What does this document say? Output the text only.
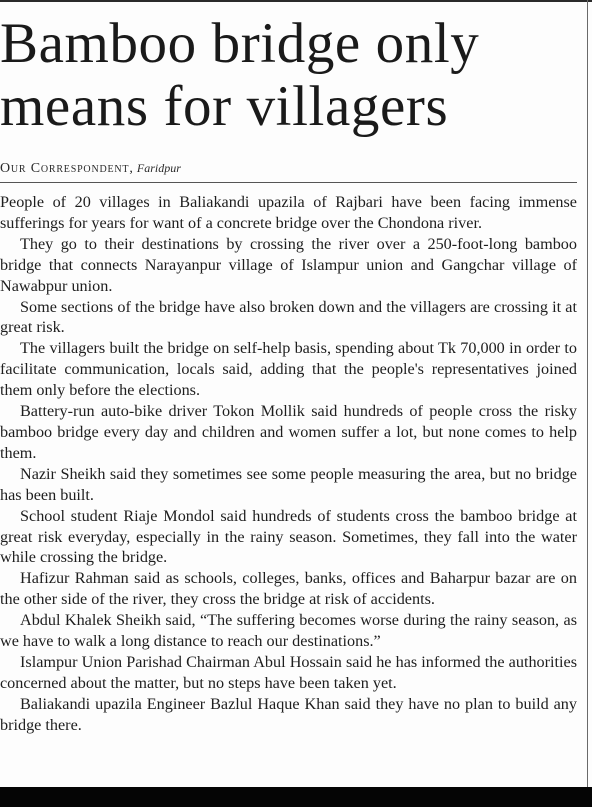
Bamboo bridge only means for villagers
Our Correspondent, Faridpur

People of 20 villages in Baliakandi upazila of Rajbari have been facing immense sufferings for years for want of a concrete bridge over the Chondona river.

They go to their destinations by crossing the river over a 250-foot-long bamboo bridge that connects Narayanpur village of Islampur union and Gangchar village of Nawabpur union.

Some sections of the bridge have also broken down and the villagers are crossing it at great risk.

The villagers built the bridge on self-help basis, spending about Tk 70,000 in order to facilitate communication, locals said, adding that the people's representatives joined them only before the elections.

Battery-run auto-bike driver Tokon Mollik said hundreds of people cross the risky bamboo bridge every day and children and women suffer a lot, but none comes to help them.

Nazir Sheikh said they sometimes see some people measuring the area, but no bridge has been built.

School student Riaje Mondol said hundreds of students cross the bamboo bridge at great risk everyday, especially in the rainy season. Sometimes, they fall into the water while crossing the bridge.

Hafizur Rahman said as schools, colleges, banks, offices and Baharpur bazar are on the other side of the river, they cross the bridge at risk of accidents.

Abdul Khalek Sheikh said, “The suffering becomes worse during the rainy season, as we have to walk a long distance to reach our destinations.”

Islampur Union Parishad Chairman Abul Hossain said he has informed the authorities concerned about the matter, but no steps have been taken yet.

Baliakandi upazila Engineer Bazlul Haque Khan said they have no plan to build any bridge there.
